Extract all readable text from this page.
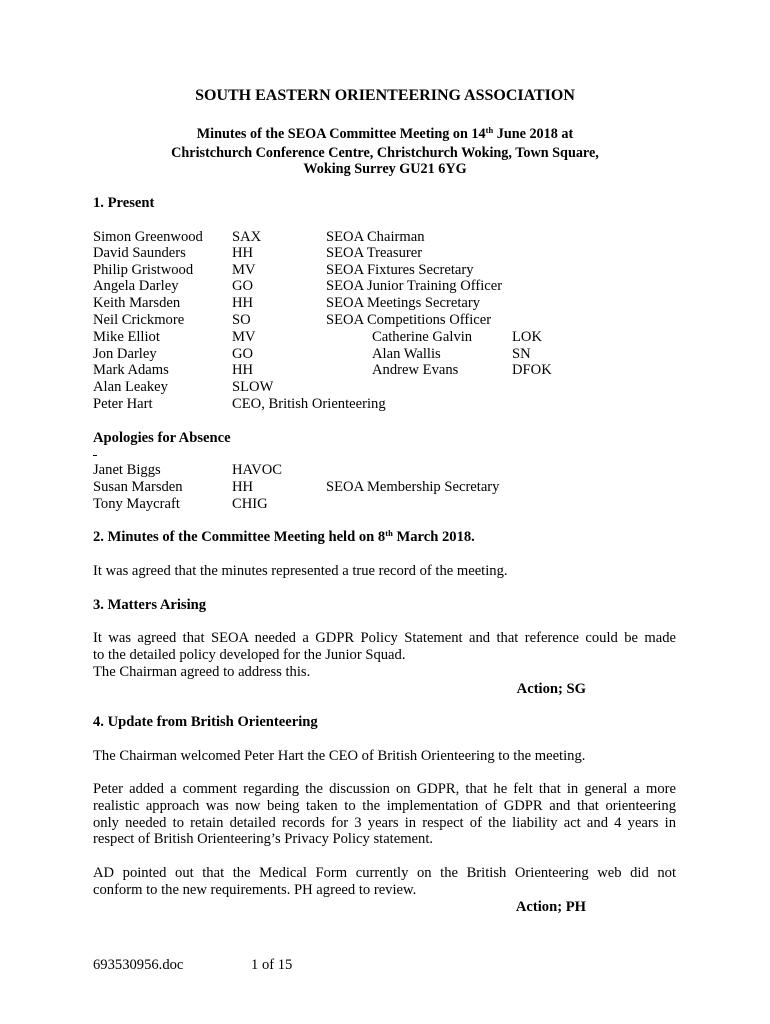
SOUTH EASTERN ORIENTEERING ASSOCIATION
Minutes of the SEOA Committee Meeting on 14th June 2018 at
Christchurch Conference Centre, Christchurch Woking, Town Square,
Woking Surrey GU21 6YG
1. Present
Simon Greenwood SAX	SEOA Chairman
David Saunders	HH	SEOA Treasurer
Philip Gristwood	MV	SEOA Fixtures Secretary
Angela Darley	GO	SEOA Junior Training Officer
Keith Marsden	HH	SEOA Meetings Secretary
Neil Crickmore	SO	SEOA Competitions Officer
Mike Elliot	MV	Catherine Galvin	LOK
Jon Darley	GO	Alan Wallis	SN
Mark Adams	HH	Andrew Evans	DFOK
Alan Leakey	SLOW
Peter Hart	CEO, British Orienteering
Apologies for Absence
Janet Biggs	HAVOC
Susan Marsden	HH	SEOA Membership Secretary
Tony Maycraft	CHIG
2. Minutes of the Committee Meeting held on 8th March 2018.
It was agreed that the minutes represented a true record of the meeting.
3. Matters Arising
It was agreed that SEOA needed a GDPR Policy Statement and that reference could be made
to the detailed policy developed for the Junior Squad.
The Chairman agreed to address this.
Action; SG
4. Update from British Orienteering
The Chairman welcomed Peter Hart the CEO of British Orienteering to the meeting.
Peter added a comment regarding the discussion on GDPR, that he felt that in general a more
realistic approach was now being taken to the implementation of GDPR and that orienteering
only needed to retain detailed records for 3 years in respect of the liability act and 4 years in
respect of British Orienteering’s Privacy Policy statement.
AD pointed out that the Medical Form currently on the British Orienteering web did not
conform to the new requirements. PH agreed to review.
Action; PH
693530956.doc	1 of 15
